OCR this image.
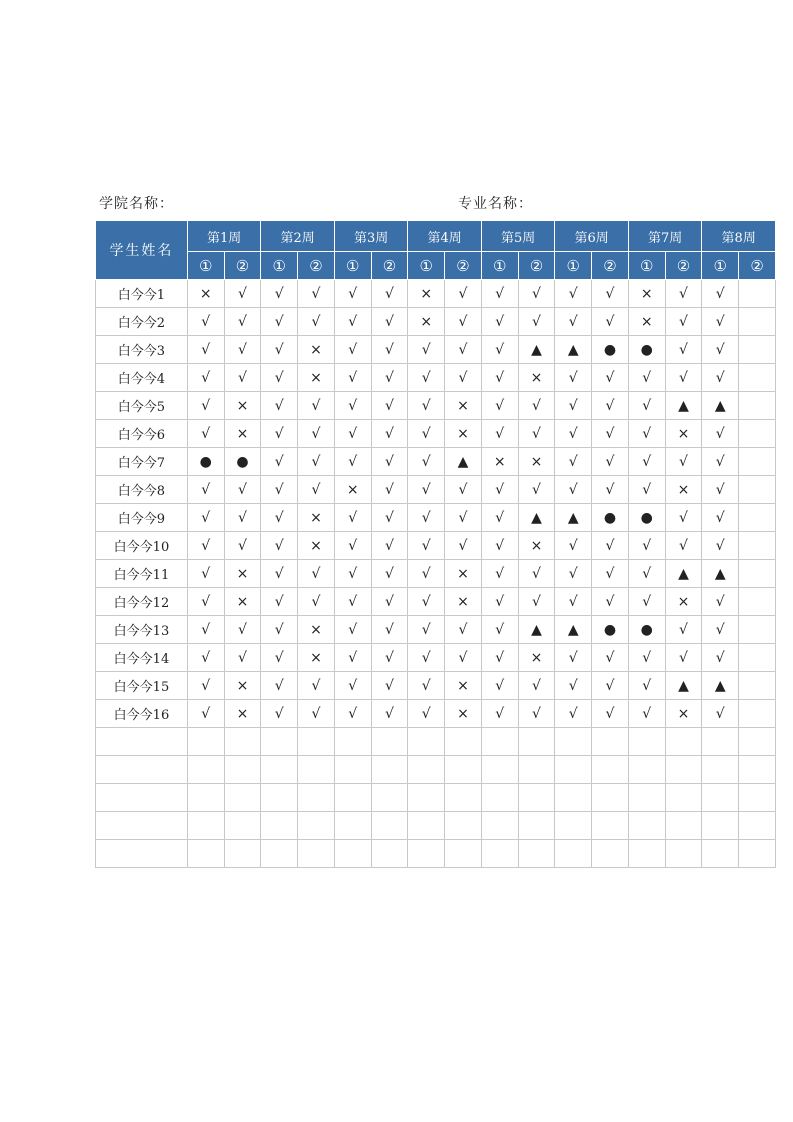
学院名称：	专业名称：
学生姓名	第1周		第2周		第3周		第4周		第5周		第6周		第7周		第8周	
	①	②	①	②	①	②	①	②	①	②	①	②	①	②	①	②
白今今1	×	√	√	√	√	√	×	√	√	√	√	√	×	√	√	
白今今2	√	√	√	√	√	√	×	√	√	√	√	√	×	√	√	
白今今3	√	√	√	×	√	√	√	√	√	▲	▲	●	●	√	√	
白今今4	√	√	√	×	√	√	√	√	√	×	√	√	√	√	√	
白今今5	√	×	√	√	√	√	√	×	√	√	√	√	√	▲	▲	
白今今6	√	×	√	√	√	√	√	×	√	√	√	√	√	×	√	
白今今7	●	●	√	√	√	√	√	▲	×	×	√	√	√	√	√	
白今今8	√	√	√	√	×	√	√	√	√	√	√	√	√	×	√	
白今今9	√	√	√	×	√	√	√	√	√	▲	▲	●	●	√	√	
白今今10	√	√	√	×	√	√	√	√	√	×	√	√	√	√	√	
白今今11	√	×	√	√	√	√	√	×	√	√	√	√	√	▲	▲	
白今今12	√	×	√	√	√	√	√	×	√	√	√	√	√	×	√	
白今今13	√	√	√	×	√	√	√	√	√	▲	▲	●	●	√	√	
白今今14	√	√	√	×	√	√	√	√	√	×	√	√	√	√	√	
白今今15	√	×	√	√	√	√	√	×	√	√	√	√	√	▲	▲	
白今今16	√	×	√	√	√	√	√	×	√	√	√	√	√	×	√	
